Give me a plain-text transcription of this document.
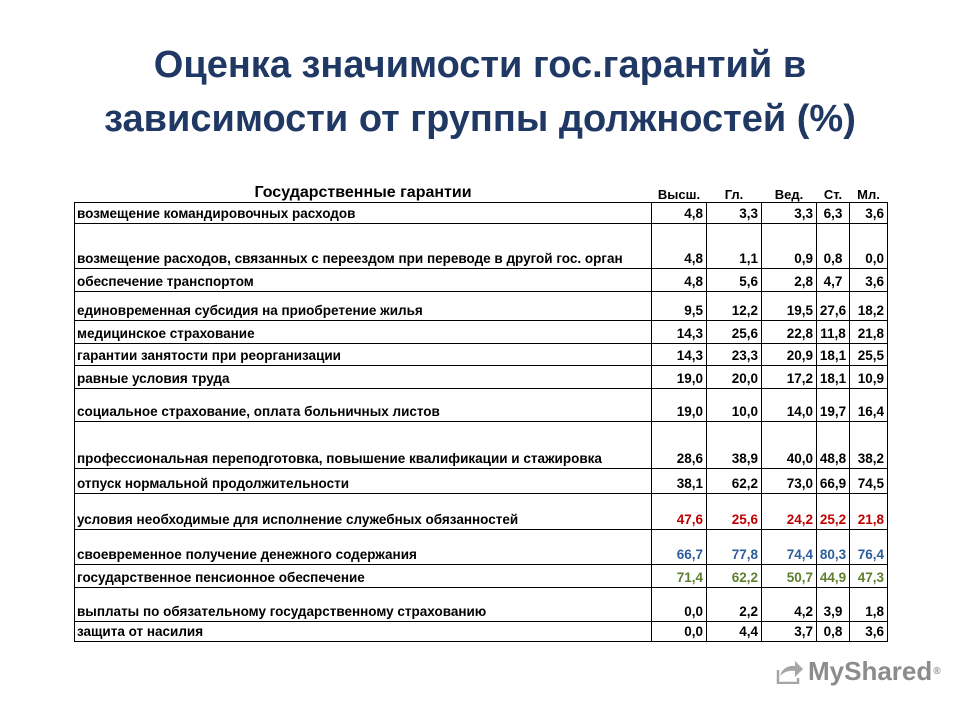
Оценка значимости гос.гарантий в
зависимости от группы должностей (%)
Государственные гарантии	Высш.	Гл.	Вед.	Ст.	Мл.
возмещение командировочных расходов	4,8	3,3	3,3	6,3	3,6
возмещение расходов, связанных с переездом при переводе в другой гос. орган	4,8	1,1	0,9	0,8	0,0
обеспечение транспортом	4,8	5,6	2,8	4,7	3,6
единовременная субсидия на приобретение жилья	9,5	12,2	19,5	27,6	18,2
медицинское страхование	14,3	25,6	22,8	11,8	21,8
гарантии занятости при реорганизации	14,3	23,3	20,9	18,1	25,5
равные условия труда	19,0	20,0	17,2	18,1	10,9
социальное страхование, оплата больничных листов	19,0	10,0	14,0	19,7	16,4
профессиональная переподготовка, повышение квалификации и стажировка	28,6	38,9	40,0	48,8	38,2
отпуск нормальной продолжительности	38,1	62,2	73,0	66,9	74,5
условия необходимые для исполнение служебных обязанностей	47,6	25,6	24,2	25,2	21,8
своевременное получение денежного содержания	66,7	77,8	74,4	80,3	76,4
государственное пенсионное обеспечение	71,4	62,2	50,7	44,9	47,3
выплаты по обязательному государственному страхованию	0,0	2,2	4,2	3,9	1,8
защита от насилия	0,0	4,4	3,7	0,8	3,6
MyShared ®
